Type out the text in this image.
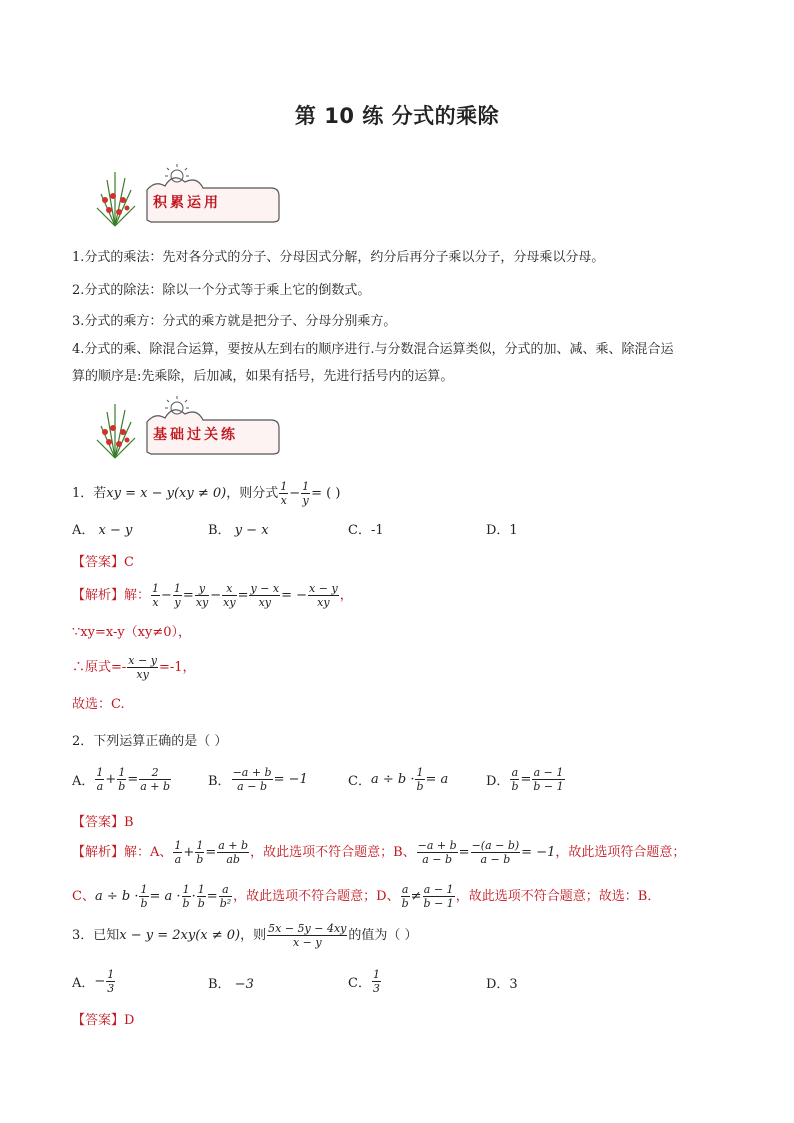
第 10 练 分式的乘除
积累运用
1.分式的乘法：先对各分式的分子、分母因式分解，约分后再分子乘以分子，分母乘以分母。
2.分式的除法：除以一个分式等于乘上它的倒数式。
3.分式的乘方：分式的乘方就是把分子、分母分别乘方。
4.分式的乘、除混合运算，要按从左到右的顺序进行.与分数混合运算类似，分式的加、减、乘、除混合运
算的顺序是:先乘除，后加减，如果有括号，先进行括号内的运算。
基础过关练
1．若 xy = x − y(xy ≠ 0) ，则分式 $\frac{1}{x} - \frac{1}{y}$ = ( )
A． x − y	B． y − x	C．-1	D．1
【答案】C
【解析】解： $\frac{1}{x} - \frac{1}{y} = \frac{y}{xy} - \frac{x}{xy} = \frac{y - x}{xy}$ = − $\frac{x - y}{xy}$ ，
∵xy=x-y（xy≠0），
∴原式=- $\frac{x - y}{xy} =-1$，
故选：C.
2．下列运算正确的是（ ）
A． $\frac{1}{a} + \frac{1}{b} = \frac{2}{a + b}$	B． $\frac{-a + b}{a - b} = -1$	C． $a \div b \cdot \frac{1}{b} = a$	D． $\frac{a}{b} = \frac{a - 1}{b - 1}$
【答案】B
【解析】解：A、 $\frac{1}{a} + \frac{1}{b} = \frac{a + b}{ab}$ ，故此选项不符合题意；B、 $\frac{-a + b}{a - b} = \frac{-(a - b)}{a - b} = -1$ ，故此选项符合题意；
C、 $a \div b \cdot \frac{1}{b} = a \cdot \frac{1}{b} \cdot \frac{1}{b} = \frac{a}{\text{b²}}$ ，故此选项不符合题意；D、 $\frac{a}{b} \ne \frac{a - 1}{b - 1}$ ，故此选项不符合题意；故选：B．
3．已知 x − y = 2xy(x ≠ 0) ，则 $\frac{5x - 5y - 4xy}{x - y}$ 的值为（ ）
A． − $\frac{1}{3}$	B． −3	C． $\frac{1}{3}$	D．3
【答案】D
